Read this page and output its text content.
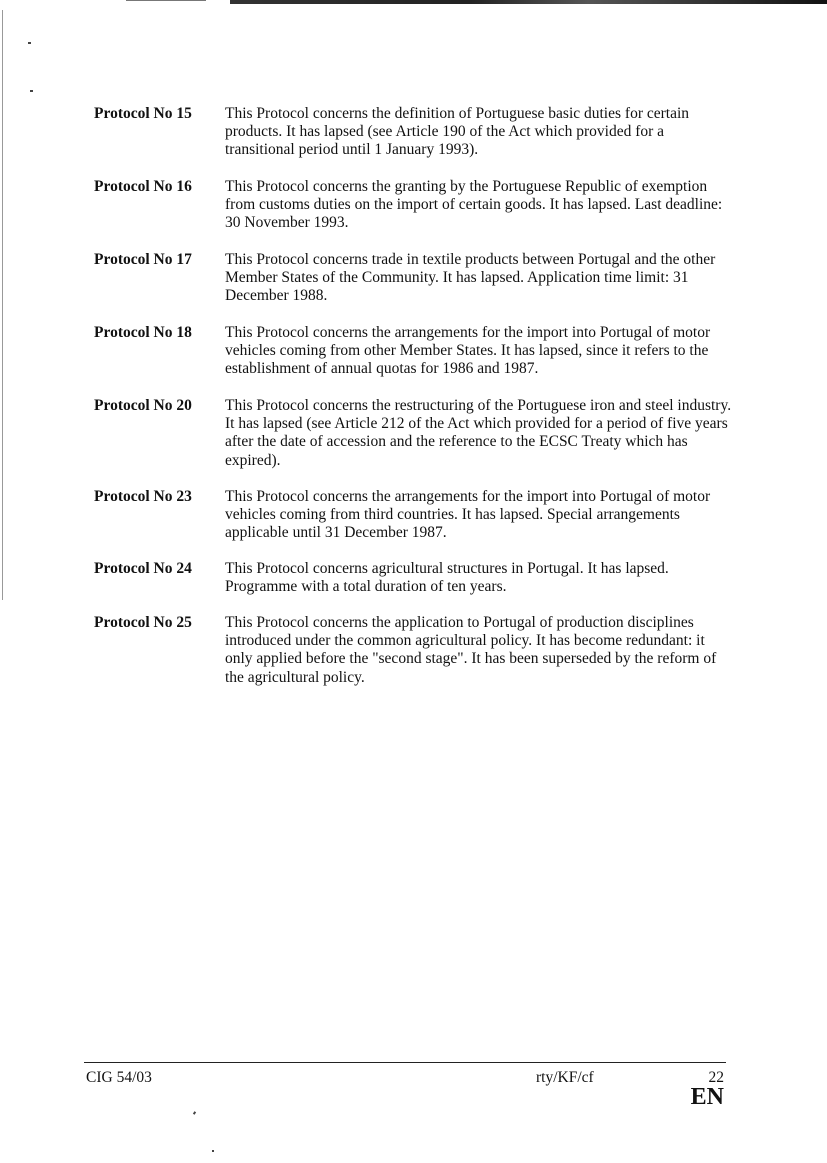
Protocol No 15	This Protocol concerns the definition of Portuguese basic duties for certain products. It has lapsed (see Article 190 of the Act which provided for a transitional period until 1 January 1993).
Protocol No 16	This Protocol concerns the granting by the Portuguese Republic of exemption from customs duties on the import of certain goods. It has lapsed. Last deadline: 30 November 1993.
Protocol No 17	This Protocol concerns trade in textile products between Portugal and the other Member States of the Community. It has lapsed. Application time limit: 31 December 1988.
Protocol No 18	This Protocol concerns the arrangements for the import into Portugal of motor vehicles coming from other Member States. It has lapsed, since it refers to the establishment of annual quotas for 1986 and 1987.
Protocol No 20	This Protocol concerns the restructuring of the Portuguese iron and steel industry. It has lapsed (see Article 212 of the Act which provided for a period of five years after the date of accession and the reference to the ECSC Treaty which has expired).
Protocol No 23	This Protocol concerns the arrangements for the import into Portugal of motor vehicles coming from third countries. It has lapsed. Special arrangements applicable until 31 December 1987.
Protocol No 24	This Protocol concerns agricultural structures in Portugal. It has lapsed. Programme with a total duration of ten years.
Protocol No 25	This Protocol concerns the application to Portugal of production disciplines introduced under the common agricultural policy. It has become redundant: it only applied before the "second stage". It has been superseded by the reform of the agricultural policy.
CIG 54/03	rty/KF/cf	22
EN
